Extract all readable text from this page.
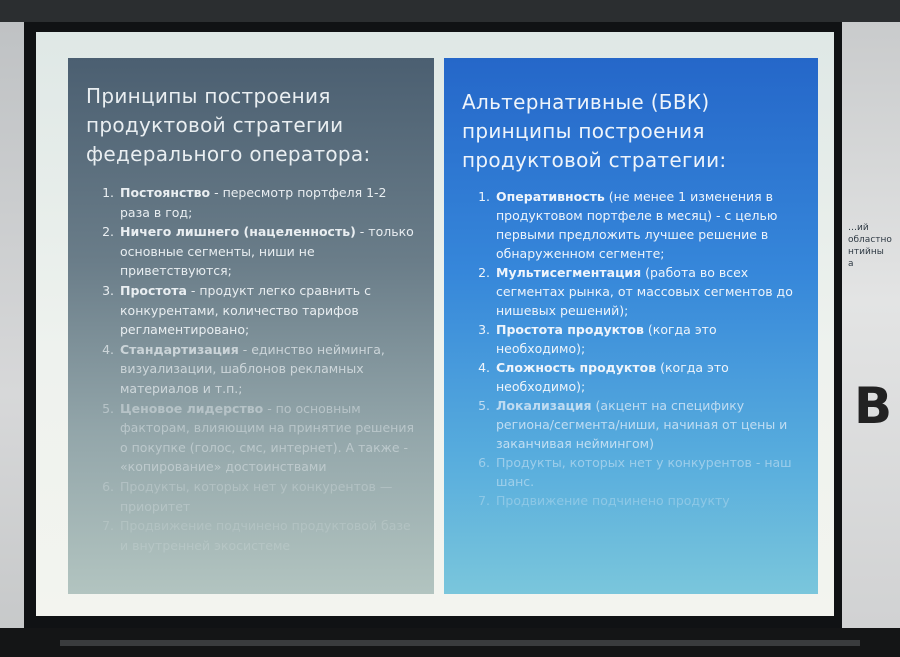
…ий областно
нтийны
а
В
Принципы построения продуктовой стратегии федерального оператора:
1. Постоянство - пересмотр портфеля 1-2 раза в год;
2. Ничего лишнего (нацеленность) - только основные сегменты, ниши не приветствуются;
3. Простота - продукт легко сравнить с конкурентами, количество тарифов регламентировано;
4. Стандартизация - единство нейминга, визуализации, шаблонов рекламных материалов и т.п.;
5. Ценовое лидерство - по основным факторам, влияющим на принятие решения о покупке (голос, смс, интернет). А также - «копирование» достоинствами
6. Продукты, которых нет у конкурентов — приоритет
7. Продвижение подчинено продуктовой базе и внутренней экосистеме
Альтернативные (БВК) принципы построения продуктовой стратегии:
1. Оперативность (не менее 1 изменения в продуктовом портфеле в месяц) - с целью первыми предложить лучшее решение в обнаруженном сегменте;
2. Мультисегментация (работа во всех сегментах рынка, от массовых сегментов до нишевых решений);
3. Простота продуктов (когда это необходимо);
4. Сложность продуктов (когда это необходимо);
5. Локализация (акцент на специфику региона/сегмента/ниши, начиная от цены и заканчивая неймингом)
6. Продукты, которых нет у конкурентов - наш шанс.
7. Продвижение подчинено продукту
